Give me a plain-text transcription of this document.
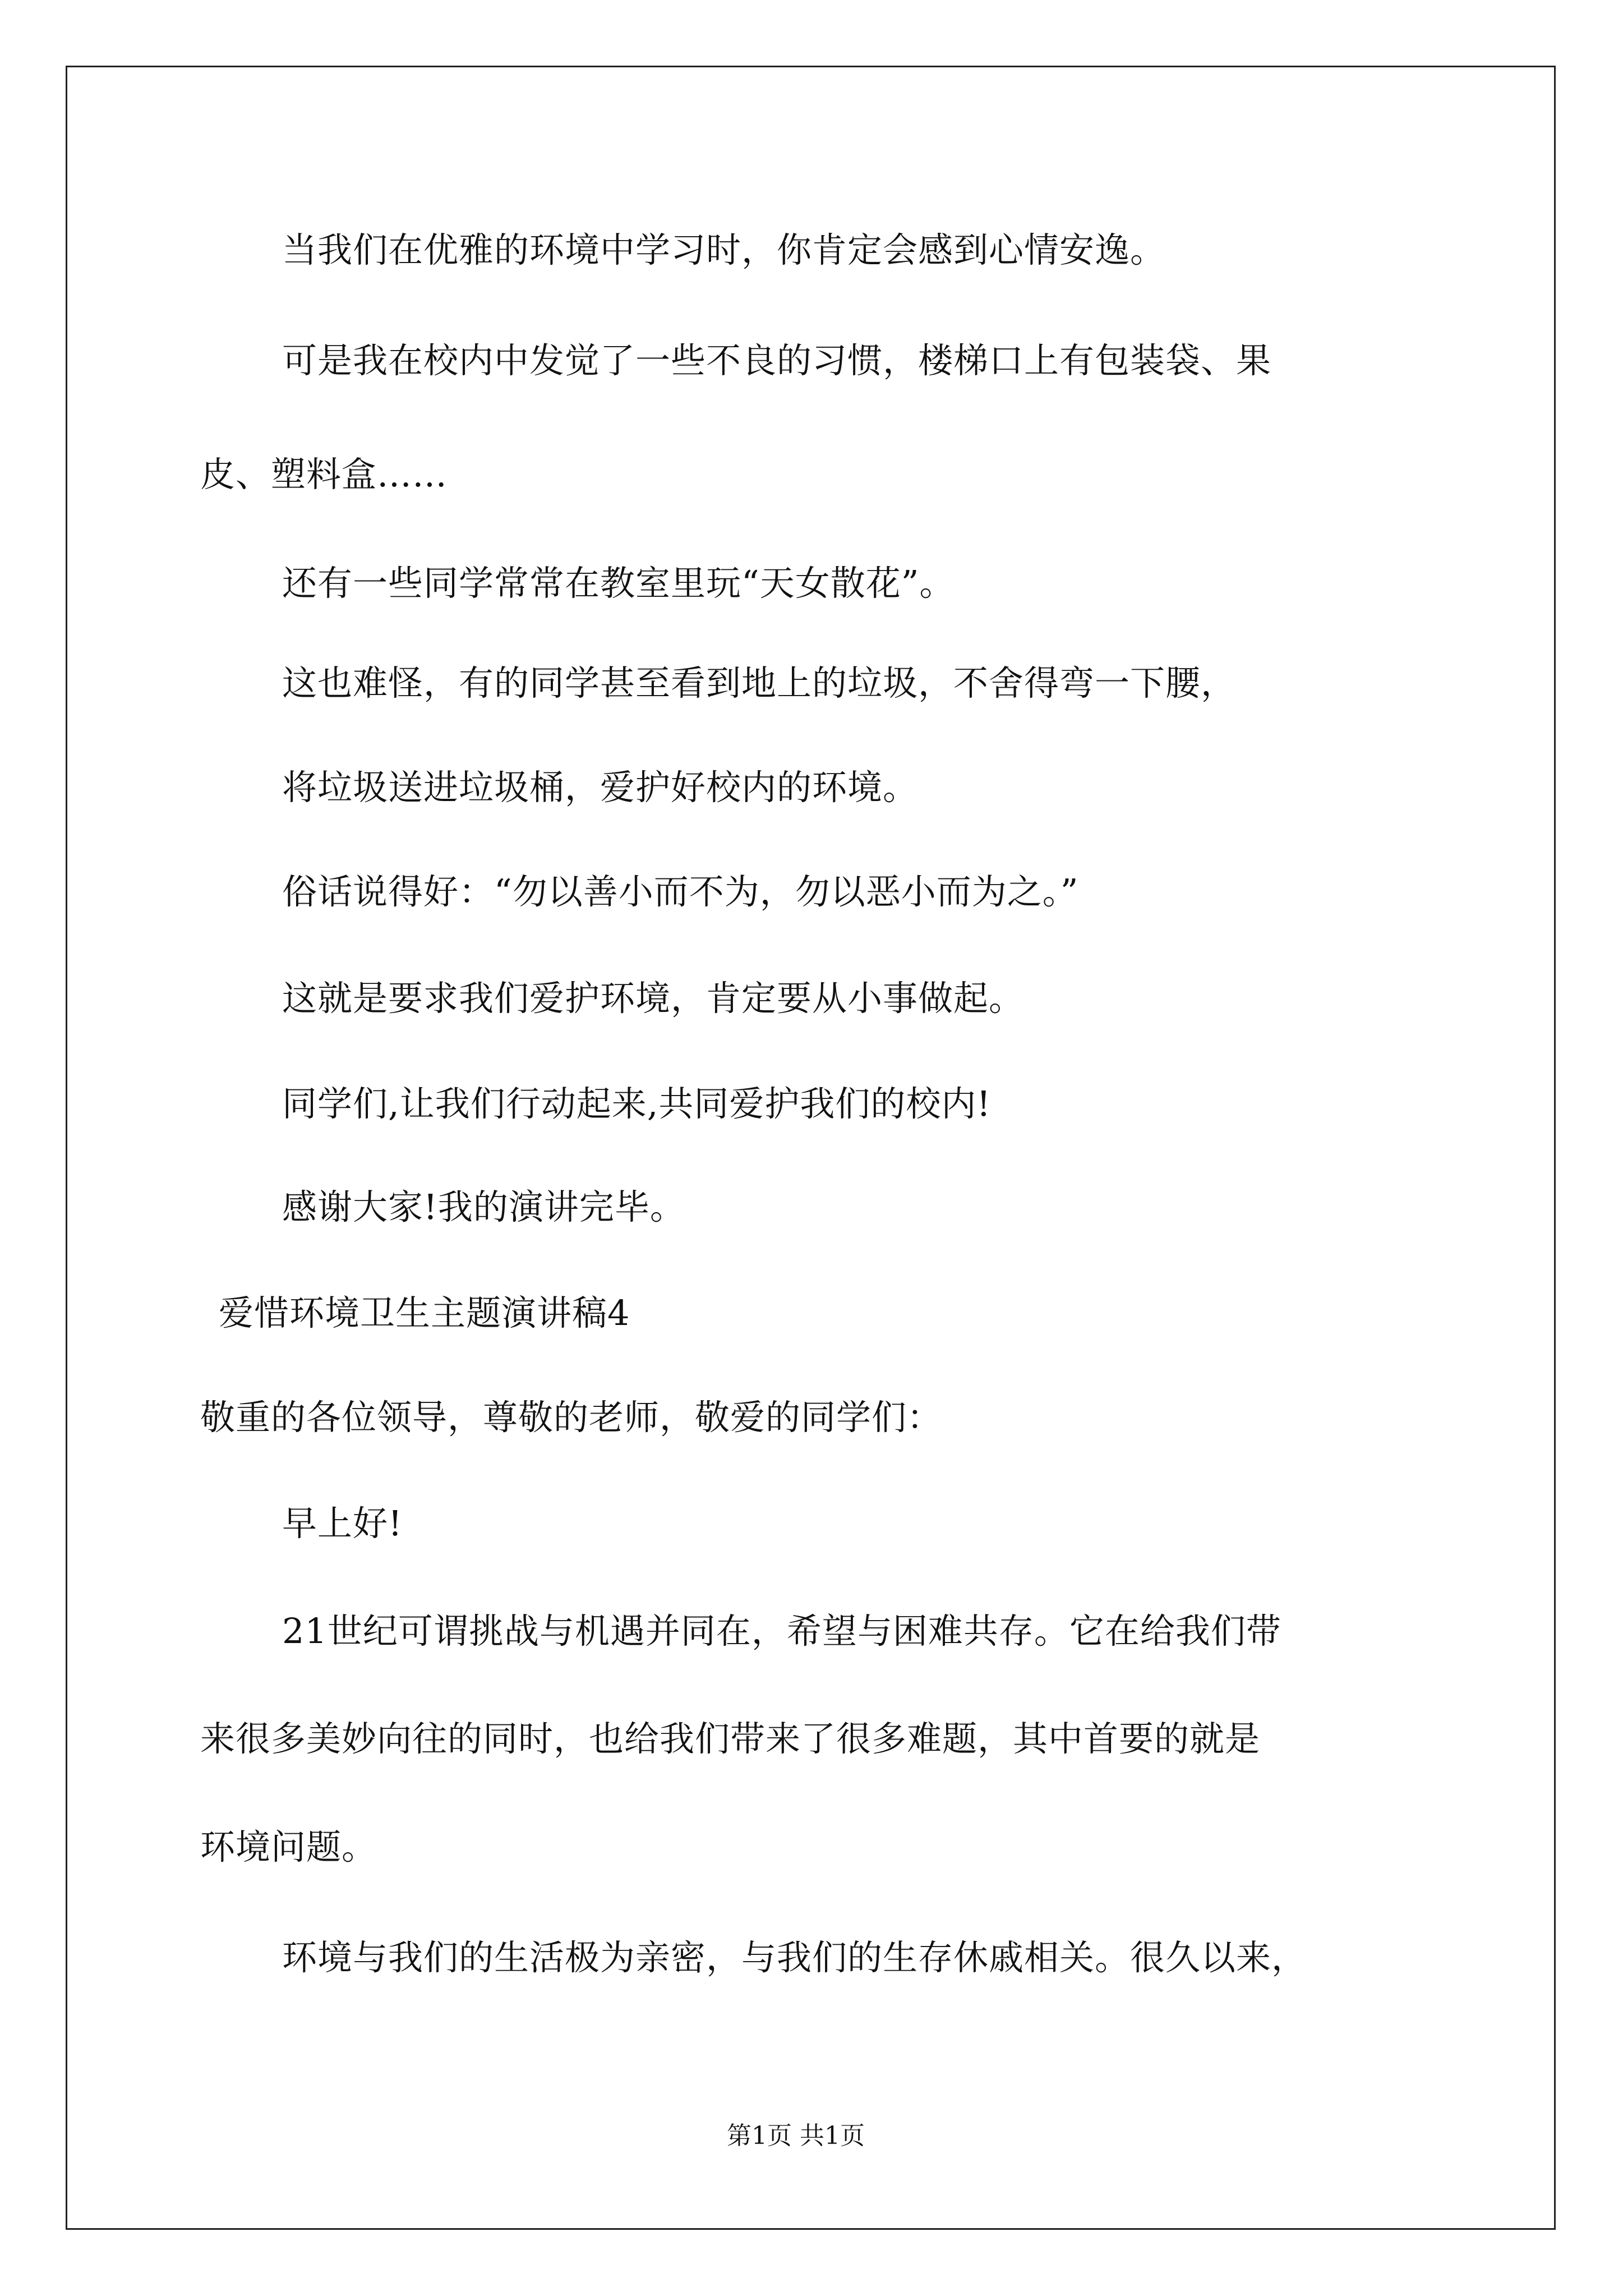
当我们在优雅的环境中学习时，你肯定会感到心情安逸。
可是我在校内中发觉了一些不良的习惯，楼梯口上有包装袋、果
皮、塑料盒……
还有一些同学常常在教室里玩“天女散花”。
这也难怪，有的同学甚至看到地上的垃圾，不舍得弯一下腰，
将垃圾送进垃圾桶，爱护好校内的环境。
俗话说得好：“勿以善小而不为，勿以恶小而为之。”
这就是要求我们爱护环境，肯定要从小事做起。
同学们,让我们行动起来,共同爱护我们的校内!
感谢大家!我的演讲完毕。
爱惜环境卫生主题演讲稿4
敬重的各位领导，尊敬的老师，敬爱的同学们：
早上好!
21世纪可谓挑战与机遇并同在，希望与困难共存。它在给我们带
来很多美妙向往的同时，也给我们带来了很多难题，其中首要的就是
环境问题。
环境与我们的生活极为亲密，与我们的生存休戚相关。很久以来，
第1页 共1页
